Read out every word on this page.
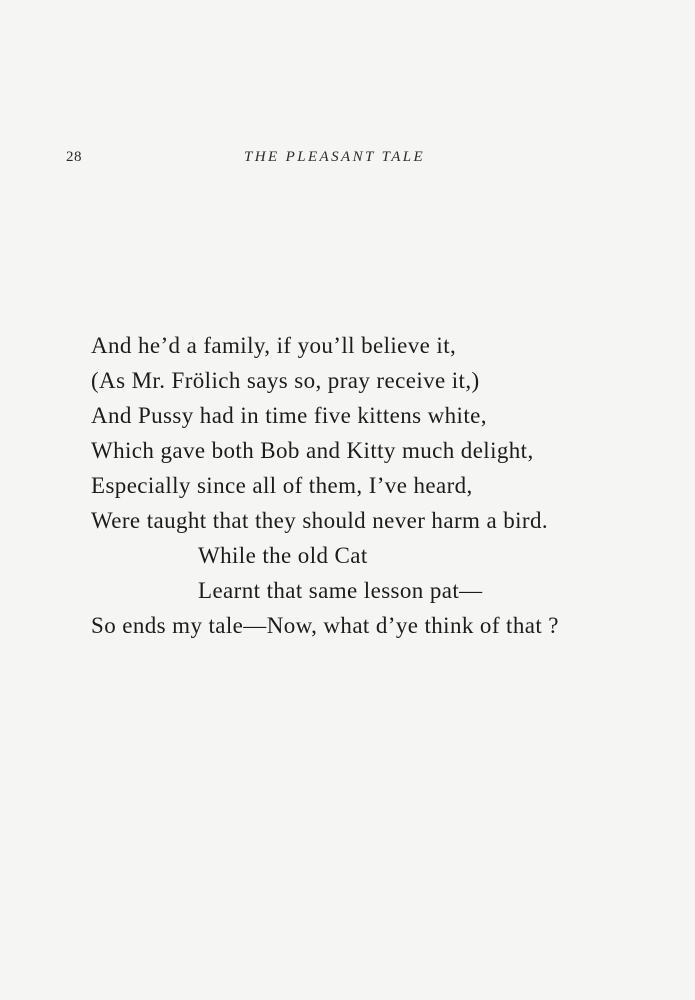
28	THE PLEASANT TALE
And he’d a family, if you’ll believe it,
(As Mr. Frölich says so, pray receive it,)
And Pussy had in time five kittens white,
Which gave both Bob and Kitty much delight,
Especially since all of them, I’ve heard,
Were taught that they should never harm a bird.
While the old Cat
Learnt that same lesson pat—
So ends my tale—Now, what d’ye think of that ?
